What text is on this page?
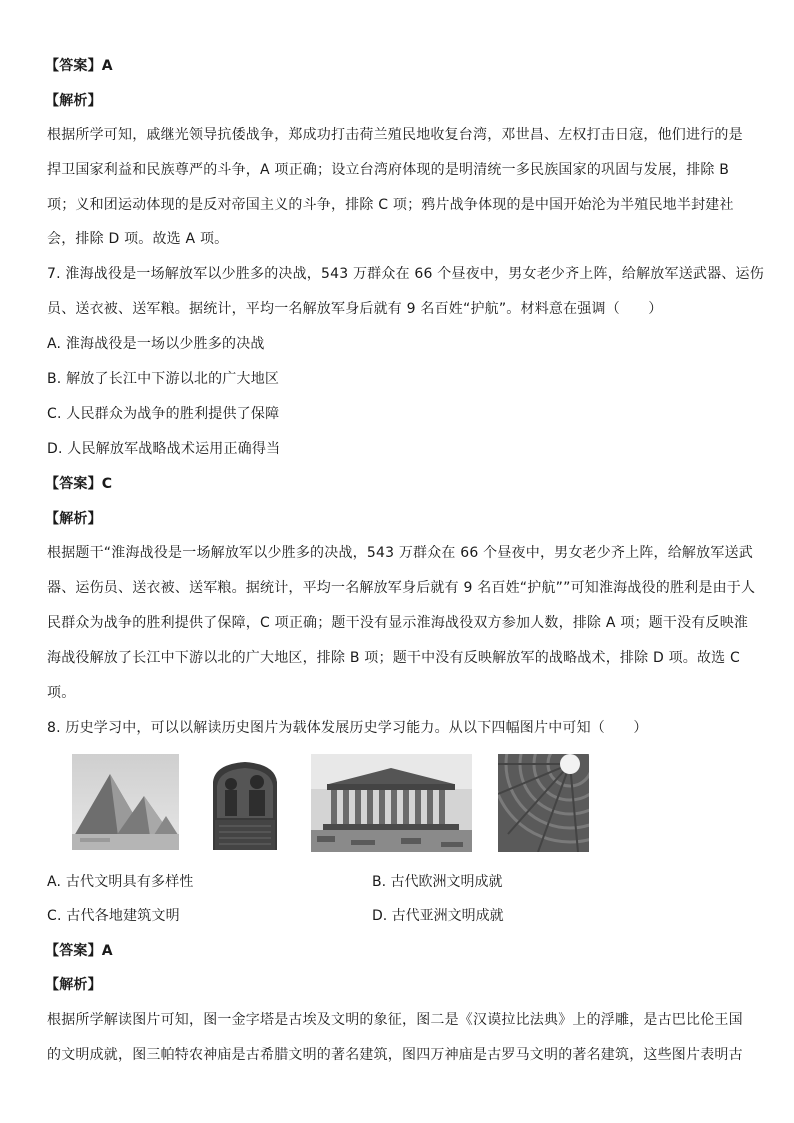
【答案】A
【解析】
根据所学可知，戚继光领导抗倭战争，郑成功打击荷兰殖民地收复台湾，邓世昌、左权打击日寇，他们进行的是
捍卫国家利益和民族尊严的斗争，A 项正确；设立台湾府体现的是明清统一多民族国家的巩固与发展，排除 B
项；义和团运动体现的是反对帝国主义的斗争，排除 C 项；鸦片战争体现的是中国开始沦为半殖民地半封建社
会，排除 D 项。故选 A 项。
7. 淮海战役是一场解放军以少胜多的决战，543 万群众在 66 个昼夜中，男女老少齐上阵，给解放军送武器、运伤
员、送衣被、送军粮。据统计，平均一名解放军身后就有 9 名百姓“护航”。材料意在强调（　　）
A. 淮海战役是一场以少胜多的决战
B. 解放了长江中下游以北的广大地区
C. 人民群众为战争的胜利提供了保障
D. 人民解放军战略战术运用正确得当
【答案】C
【解析】
根据题干“淮海战役是一场解放军以少胜多的决战，543 万群众在 66 个昼夜中，男女老少齐上阵，给解放军送武
器、运伤员、送衣被、送军粮。据统计，平均一名解放军身后就有 9 名百姓“护航””可知淮海战役的胜利是由于人
民群众为战争的胜利提供了保障，C 项正确；题干没有显示淮海战役双方参加人数，排除 A 项；题干没有反映淮
海战役解放了长江中下游以北的广大地区，排除 B 项；题干中没有反映解放军的战略战术，排除 D 项。故选 C
项。
8. 历史学习中，可以以解读历史图片为载体发展历史学习能力。从以下四幅图片中可知（　　）
A. 古代文明具有多样性	B. 古代欧洲文明成就
C. 古代各地建筑文明	D. 古代亚洲文明成就
【答案】A
【解析】
根据所学解读图片可知，图一金字塔是古埃及文明的象征，图二是《汉谟拉比法典》上的浮雕，是古巴比伦王国
的文明成就，图三帕特农神庙是古希腊文明的著名建筑，图四万神庙是古罗马文明的著名建筑，这些图片表明古
